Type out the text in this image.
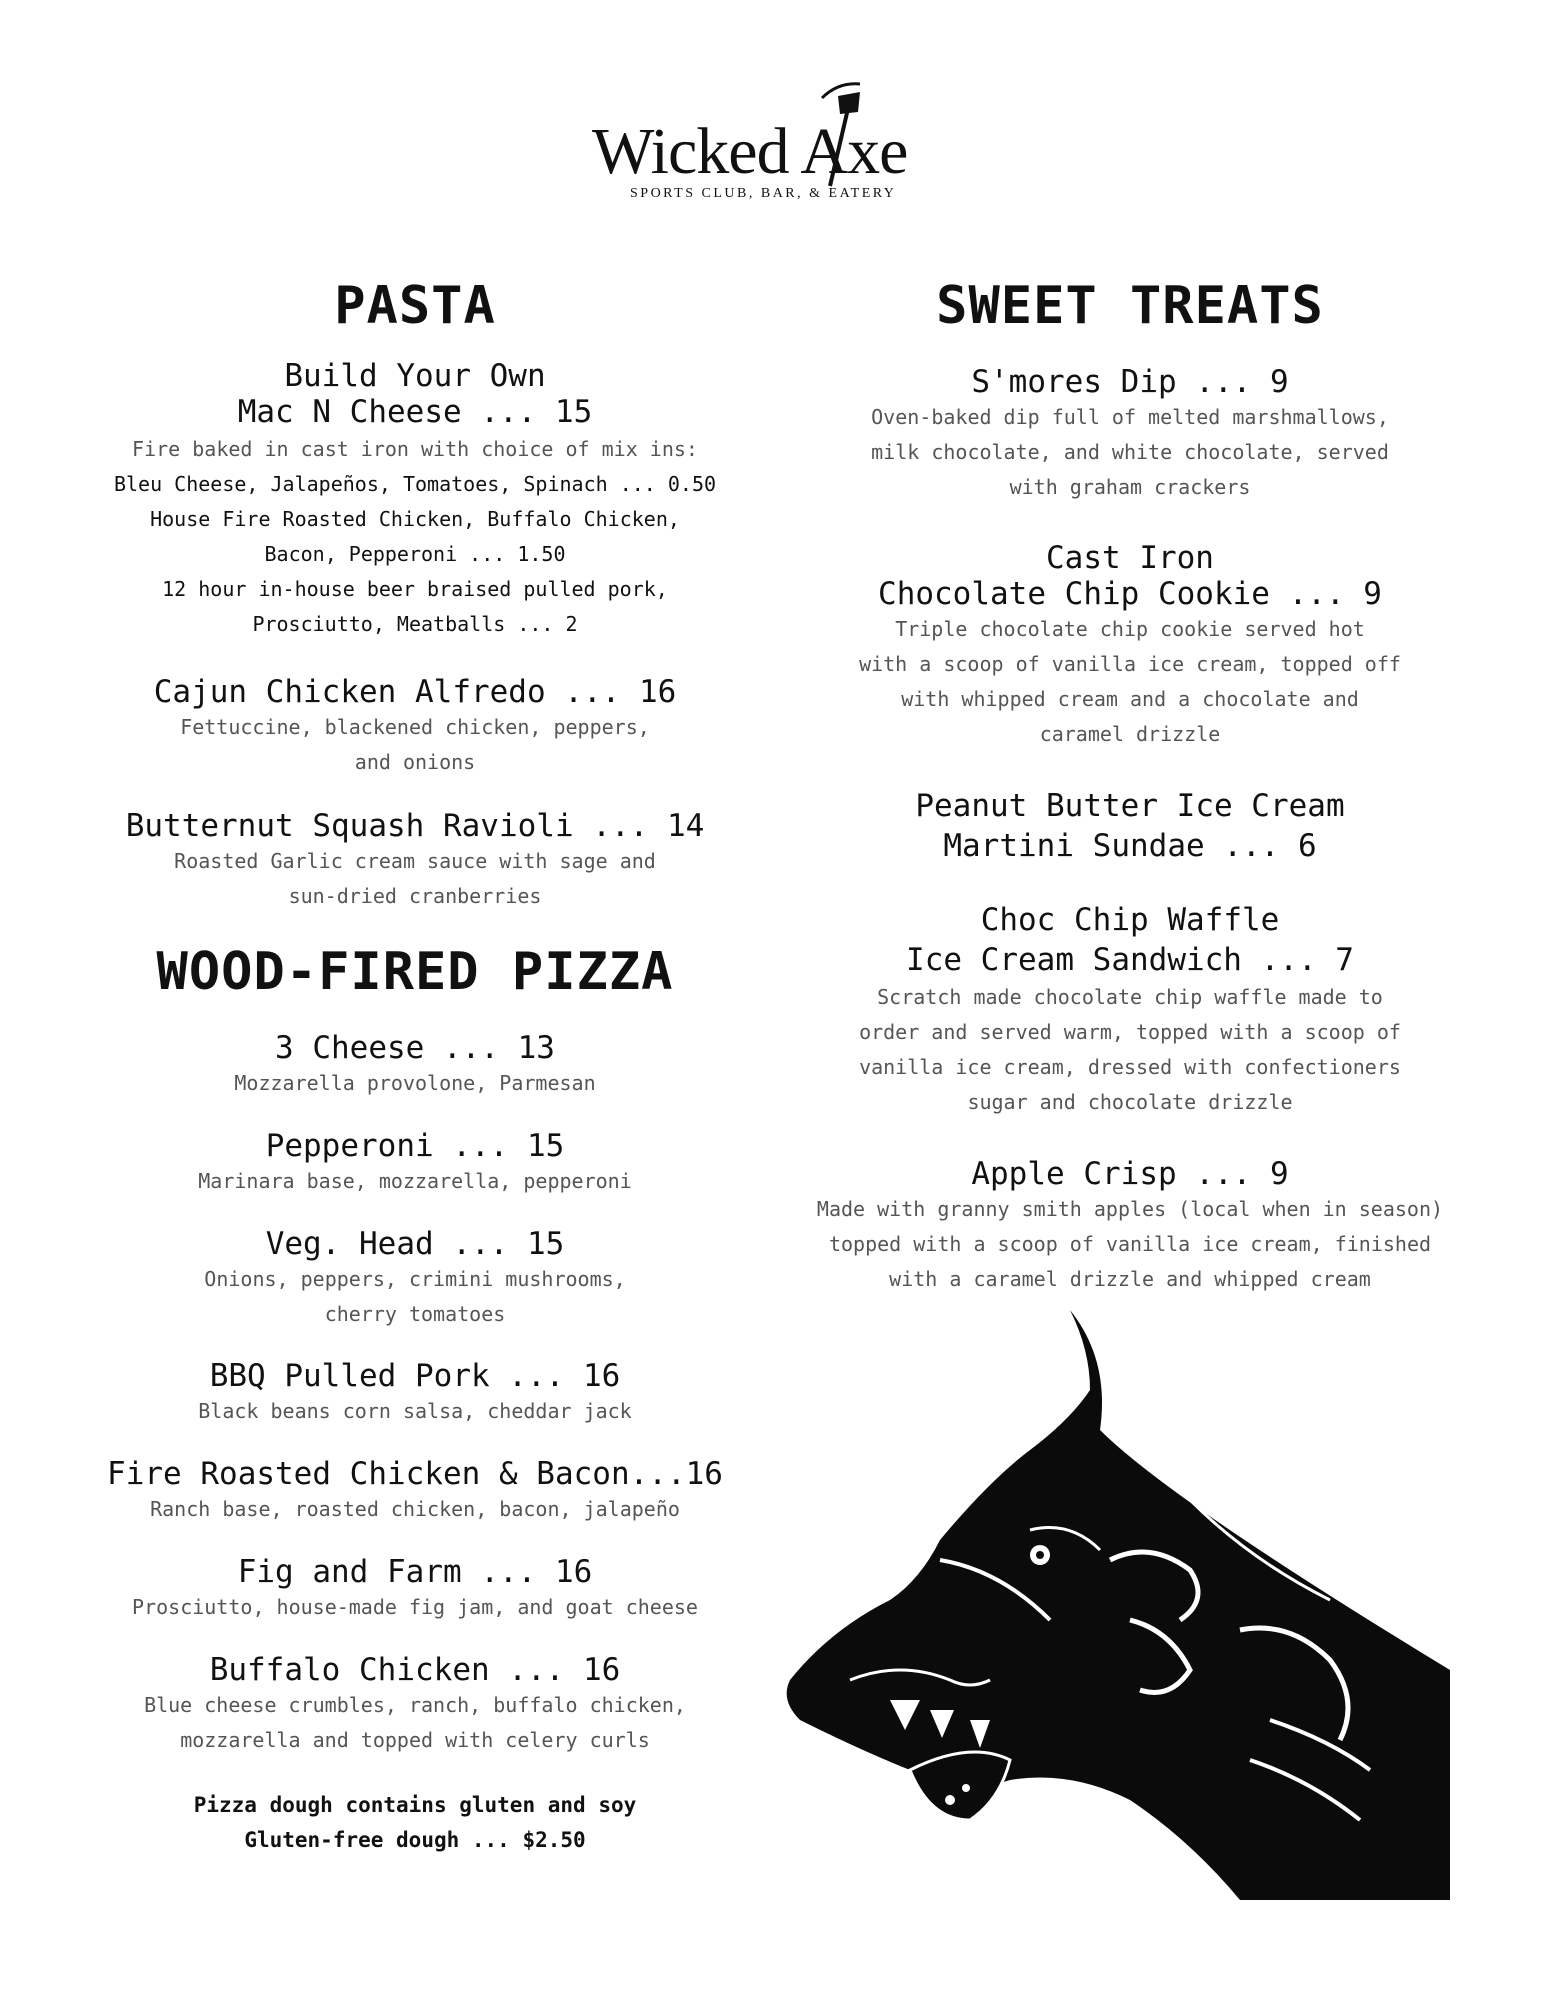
Wicked Axe
SPORTS CLUB, BAR, & EATERY
PASTA

Build Your Own
Mac N Cheese ... 15

Fire baked in cast iron with choice of mix ins:

Bleu Cheese, Jalapeños, Tomatoes, Spinach ... 0.50
House Fire Roasted Chicken, Buffalo Chicken,
Bacon, Pepperoni ... 1.50
12 hour in-house beer braised pulled pork,
Prosciutto, Meatballs ... 2

Cajun Chicken Alfredo ... 16

Fettuccine, blackened chicken, peppers,
and onions

Butternut Squash Ravioli ... 14

Roasted Garlic cream sauce with sage and
sun-dried cranberries

WOOD-FIRED PIZZA

3 Cheese ... 13

Mozzarella provolone, Parmesan

Pepperoni ... 15

Marinara base, mozzarella, pepperoni

Veg. Head ... 15

Onions, peppers, crimini mushrooms,
cherry tomatoes

BBQ Pulled Pork ... 16

Black beans corn salsa, cheddar jack

Fire Roasted Chicken & Bacon...16

Ranch base, roasted chicken, bacon, jalapeño

Fig and Farm ... 16

Prosciutto, house-made fig jam, and goat cheese

Buffalo Chicken ... 16

Blue cheese crumbles, ranch, buffalo chicken,
mozzarella and topped with celery curls

Pizza dough contains gluten and soy

Gluten-free dough ... $2.50

SWEET TREATS

S'mores Dip ... 9

Oven-baked dip full of melted marshmallows,
milk chocolate, and white chocolate, served
with graham crackers

Cast Iron
Chocolate Chip Cookie ... 9

Triple chocolate chip cookie served hot
with a scoop of vanilla ice cream, topped off
with whipped cream and a chocolate and
caramel drizzle

Peanut Butter Ice Cream
Martini Sundae ... 6

Choc Chip Waffle
Ice Cream Sandwich ... 7

Scratch made chocolate chip waffle made to
order and served warm, topped with a scoop of
vanilla ice cream, dressed with confectioners
sugar and chocolate drizzle

Apple Crisp ... 9

Made with granny smith apples (local when in season)
topped with a scoop of vanilla ice cream, finished
with a caramel drizzle and whipped cream
